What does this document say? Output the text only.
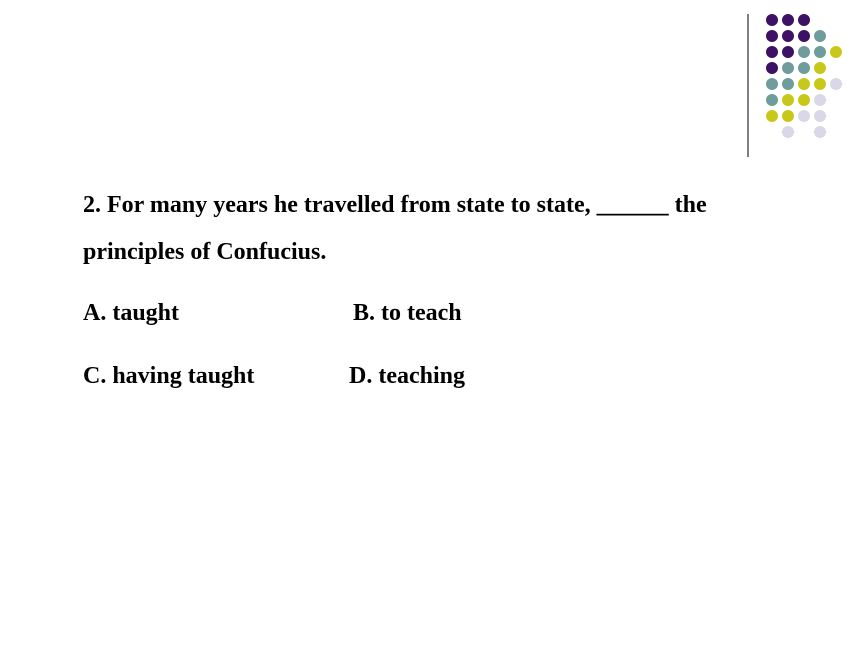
2. For many years he travelled from state to state, ______ the principles of Confucius.
A. taught	B. to teach
C. having taught	D. teaching
